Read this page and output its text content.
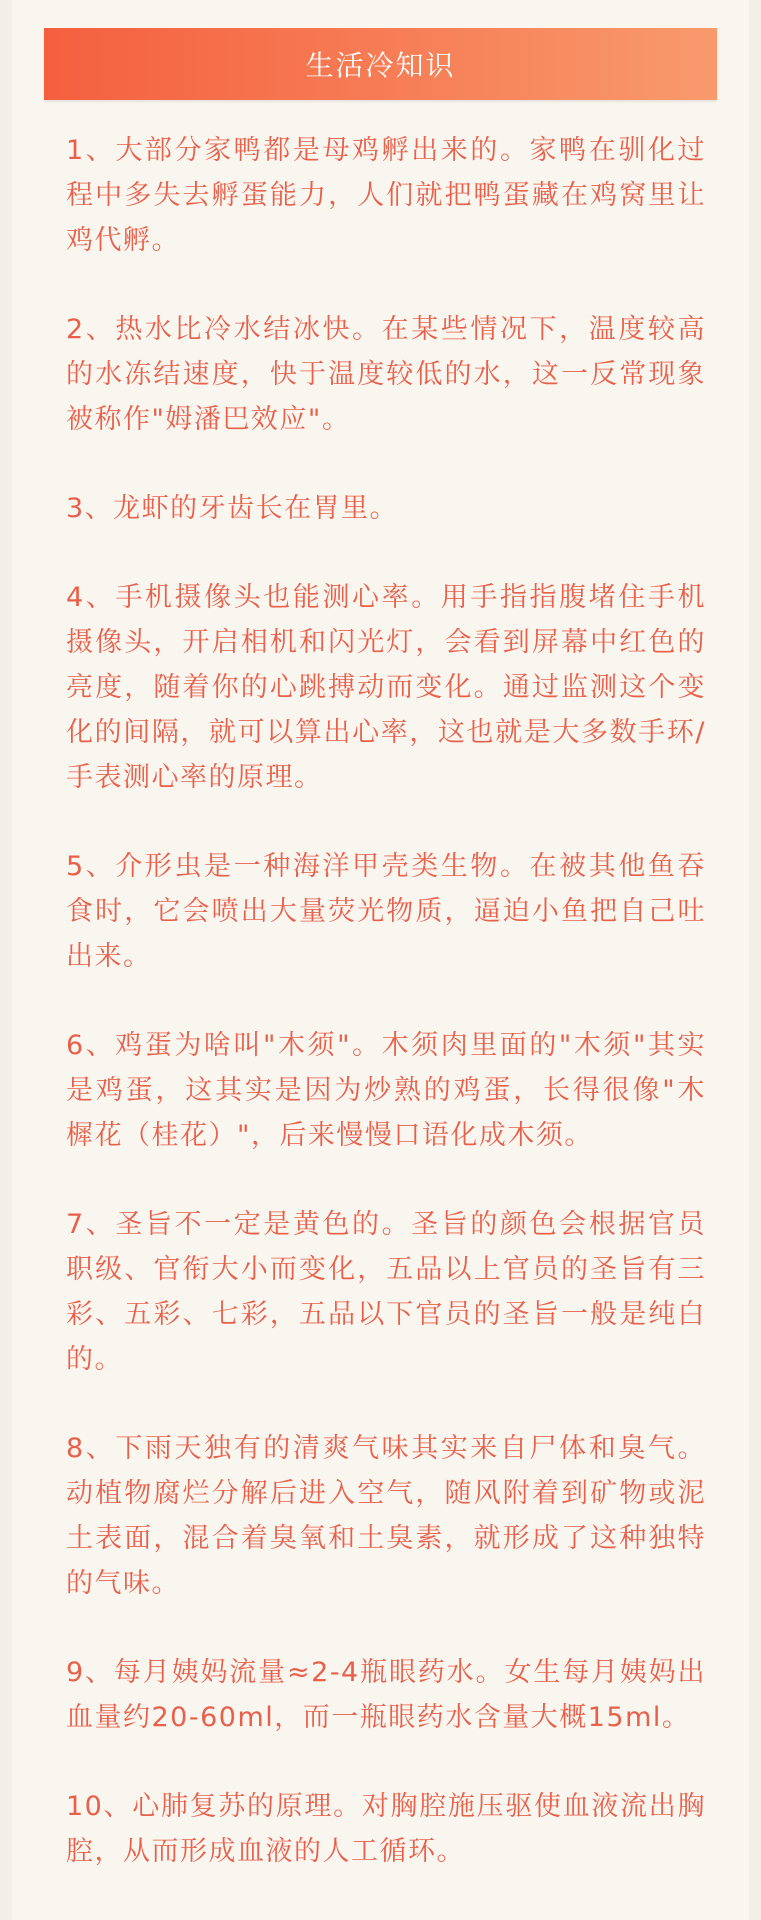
生活冷知识
1、大部分家鸭都是母鸡孵出来的。家鸭在驯化过程中多失去孵蛋能力，人们就把鸭蛋藏在鸡窝里让鸡代孵。
2、热水比冷水结冰快。在某些情况下，温度较高的水冻结速度，快于温度较低的水，这一反常现象被称作"姆潘巴效应"。
3、龙虾的牙齿长在胃里。
4、手机摄像头也能测心率。用手指指腹堵住手机摄像头，开启相机和闪光灯，会看到屏幕中红色的亮度，随着你的心跳搏动而变化。通过监测这个变化的间隔，就可以算出心率，这也就是大多数手环/手表测心率的原理。
5、介形虫是一种海洋甲壳类生物。在被其他鱼吞食时，它会喷出大量荧光物质，逼迫小鱼把自己吐出来。
6、鸡蛋为啥叫"木须"。木须肉里面的"木须"其实是鸡蛋，这其实是因为炒熟的鸡蛋，长得很像"木樨花（桂花）"，后来慢慢口语化成木须。
7、圣旨不一定是黄色的。圣旨的颜色会根据官员职级、官衔大小而变化，五品以上官员的圣旨有三彩、五彩、七彩，五品以下官员的圣旨一般是纯白的。
8、下雨天独有的清爽气味其实来自尸体和臭气。动植物腐烂分解后进入空气，随风附着到矿物或泥土表面，混合着臭氧和土臭素，就形成了这种独特的气味。
9、每月姨妈流量≈2-4瓶眼药水。女生每月姨妈出血量约20-60ml，而一瓶眼药水含量大概15ml。
10、心肺复苏的原理。对胸腔施压驱使血液流出胸腔，从而形成血液的人工循环。
